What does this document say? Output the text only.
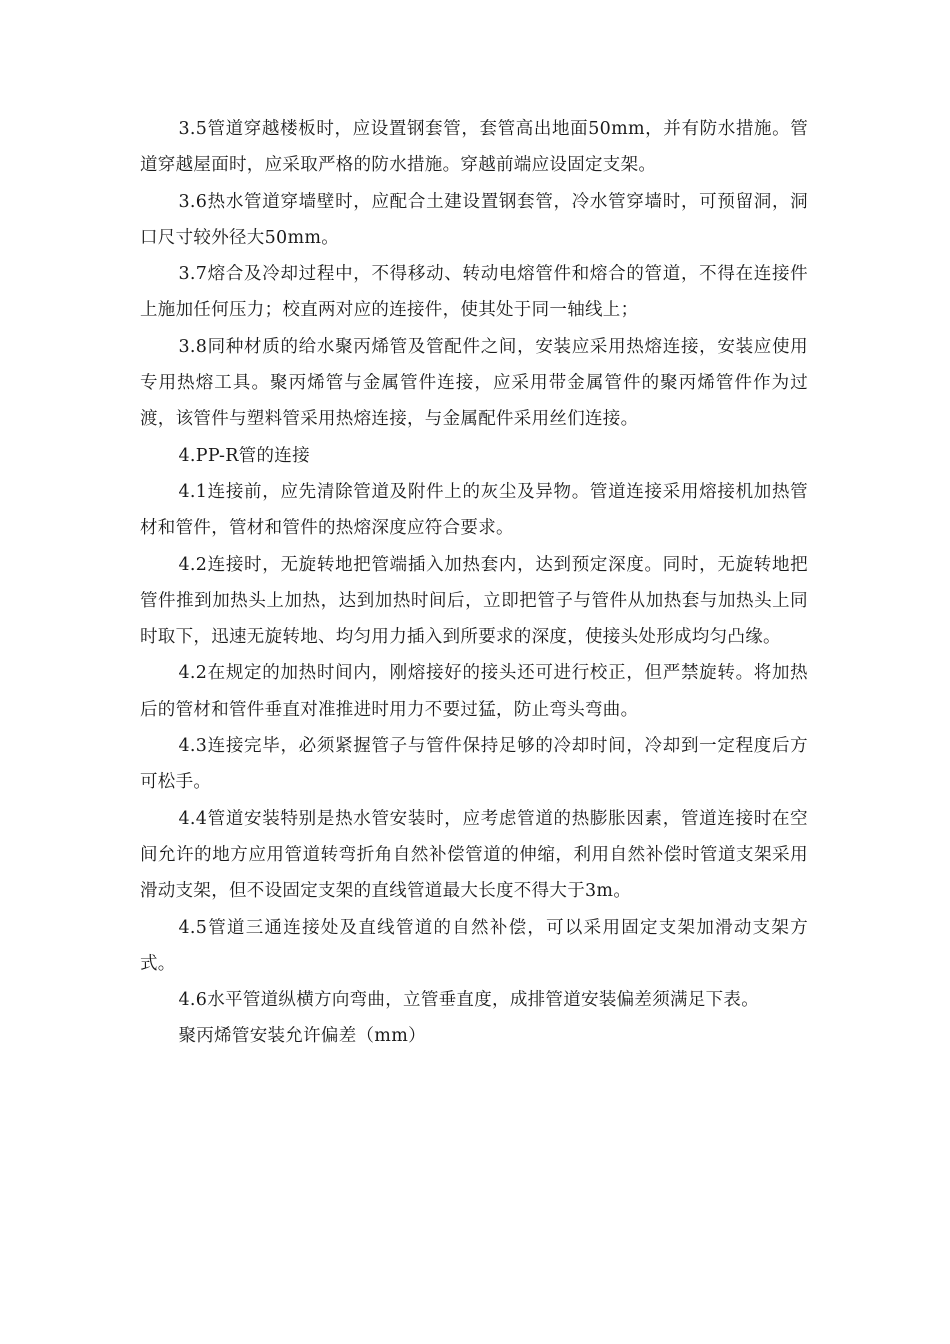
3.5管道穿越楼板时，应设置钢套管，套管高出地面50mm，并有防水措施。管道穿越屋面时，应采取严格的防水措施。穿越前端应设固定支架。

3.6热水管道穿墙壁时，应配合土建设置钢套管，冷水管穿墙时，可预留洞，洞口尺寸较外径大50mm。

3.7熔合及冷却过程中，不得移动、转动电熔管件和熔合的管道，不得在连接件上施加任何压力；校直两对应的连接件，使其处于同一轴线上；

3.8同种材质的给水聚丙烯管及管配件之间，安装应采用热熔连接，安装应使用专用热熔工具。聚丙烯管与金属管件连接，应采用带金属管件的聚丙烯管件作为过渡，该管件与塑料管采用热熔连接，与金属配件采用丝们连接。

4.PP-R管的连接

4.1连接前，应先清除管道及附件上的灰尘及异物。管道连接采用熔接机加热管材和管件，管材和管件的热熔深度应符合要求。

4.2连接时，无旋转地把管端插入加热套内，达到预定深度。同时，无旋转地把管件推到加热头上加热，达到加热时间后，立即把管子与管件从加热套与加热头上同时取下，迅速无旋转地、均匀用力插入到所要求的深度，使接头处形成均匀凸缘。

4.2在规定的加热时间内，刚熔接好的接头还可进行校正，但严禁旋转。将加热后的管材和管件垂直对准推进时用力不要过猛，防止弯头弯曲。

4.3连接完毕，必须紧握管子与管件保持足够的冷却时间，冷却到一定程度后方可松手。

4.4管道安装特别是热水管安装时，应考虑管道的热膨胀因素，管道连接时在空间允许的地方应用管道转弯折角自然补偿管道的伸缩，利用自然补偿时管道支架采用滑动支架，但不设固定支架的直线管道最大长度不得大于3m。

4.5管道三通连接处及直线管道的自然补偿，可以采用固定支架加滑动支架方式。

4.6水平管道纵横方向弯曲，立管垂直度，成排管道安装偏差须满足下表。

聚丙烯管安装允许偏差（mm）
